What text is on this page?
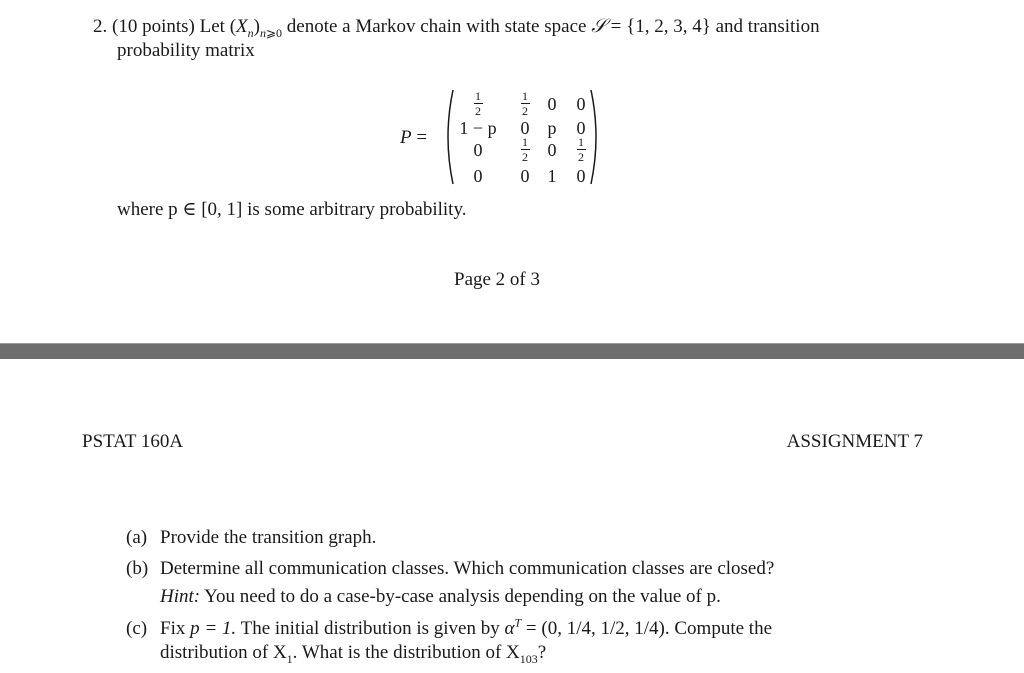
2. (10 points) Let $(X_n)_{n⩾0}$ denote a Markov chain with state space 𝒮 = {1, 2, 3, 4} and transition
probability matrix
P =
$\frac{1}{2}$	$\frac{1}{2}$	0	0
1 − p	0	p	0
0	$\frac{1}{2}$	0	$\frac{1}{2}$
0	0	1	0
where p ∈ [0, 1] is some arbitrary probability.
Page 2 of 3
PSTAT 160A	ASSIGNMENT 7
(a) Provide the transition graph.
(b) Determine all communication classes. Which communication classes are closed?
Hint: You need to do a case-by-case analysis depending on the value of p.
(c) Fix p = 1. The initial distribution is given by $\alpha^T = (0$, 1/4, 1/2, 1/4). Compute the
distribution of $X_1$. What is the distribution of $X_{103}$?
